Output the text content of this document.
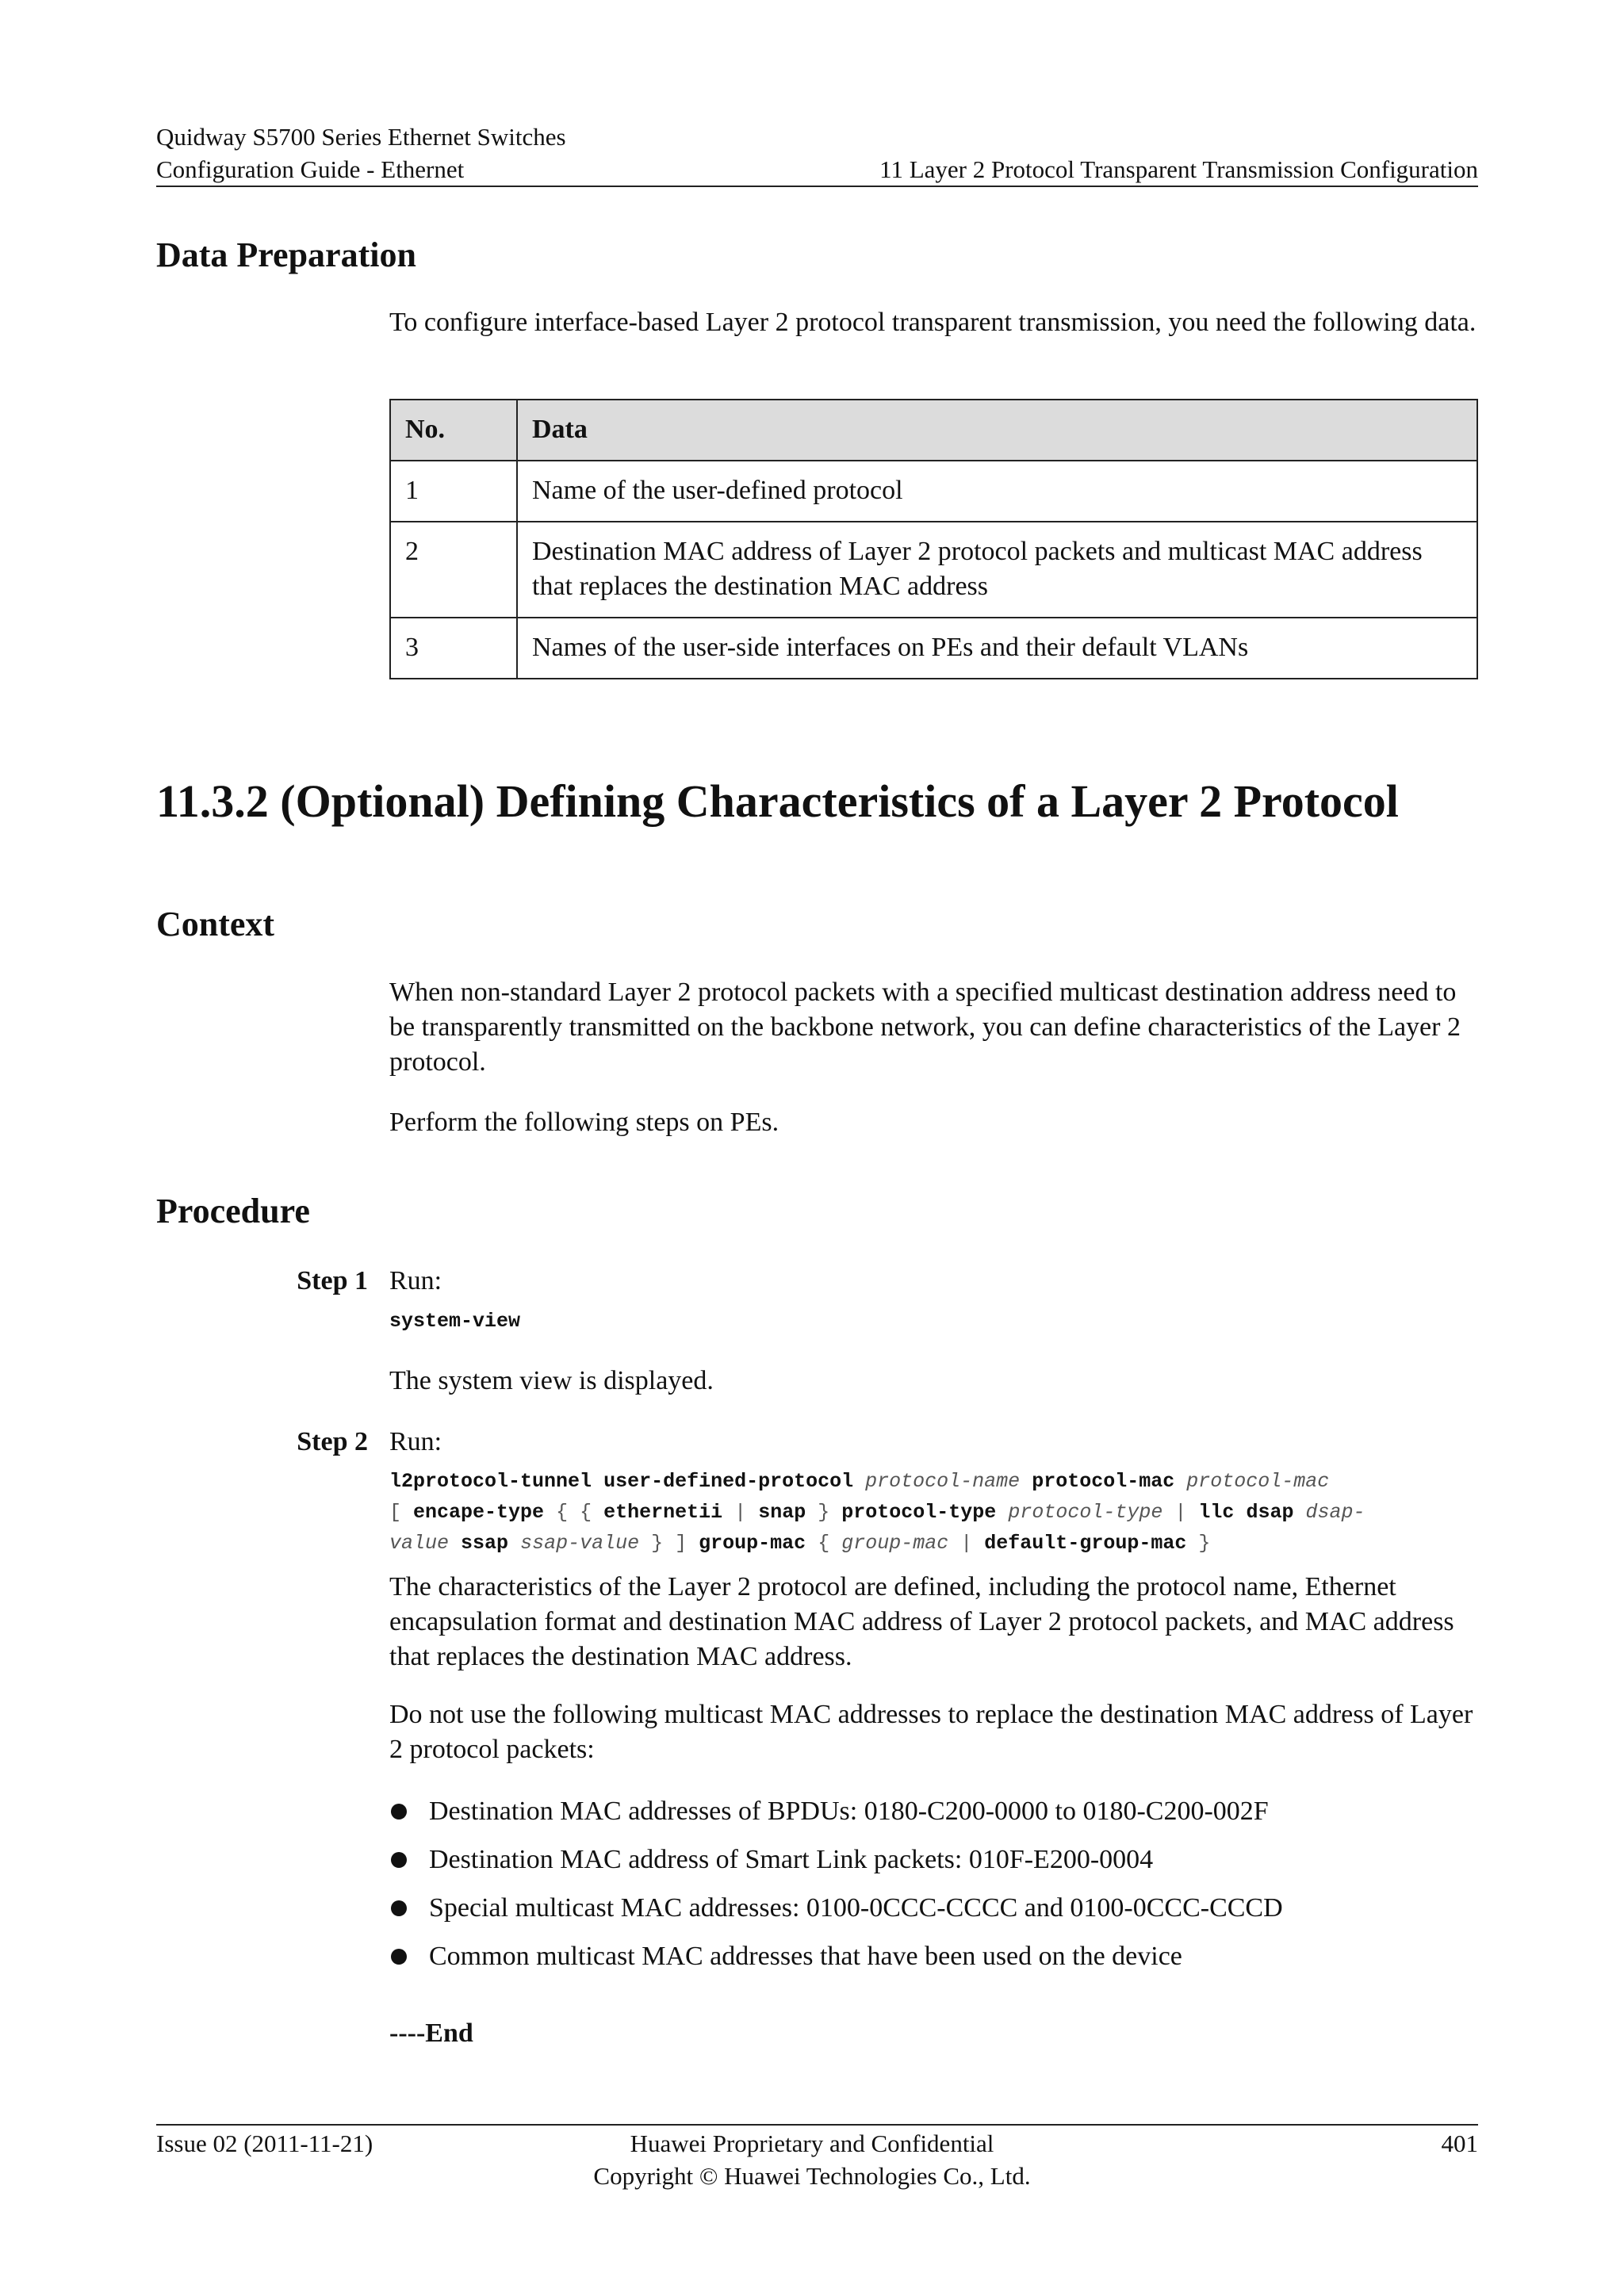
Quidway S5700 Series Ethernet Switches
Configuration Guide - Ethernet	11 Layer 2 Protocol Transparent Transmission Configuration
Data Preparation
To configure interface-based Layer 2 protocol transparent transmission, you need the following data.
No.	Data
1	Name of the user-defined protocol
2	Destination MAC address of Layer 2 protocol packets and multicast MAC address that replaces the destination MAC address
3	Names of the user-side interfaces on PEs and their default VLANs
11.3.2 (Optional) Defining Characteristics of a Layer 2 Protocol
Context
When non-standard Layer 2 protocol packets with a specified multicast destination address need to be transparently transmitted on the backbone network, you can define characteristics of the Layer 2 protocol.
Perform the following steps on PEs.
Procedure
Step 1 Run:
system-view
The system view is displayed.
Step 2 Run:
l2protocol-tunnel user-defined-protocol protocol-name protocol-mac protocol-mac
[ encape-type { { ethernetii | snap } protocol-type protocol-type | llc dsap dsap-
value ssap ssap-value } ] group-mac { group-mac | default-group-mac }
The characteristics of the Layer 2 protocol are defined, including the protocol name, Ethernet encapsulation format and destination MAC address of Layer 2 protocol packets, and MAC address that replaces the destination MAC address.
Do not use the following multicast MAC addresses to replace the destination MAC address of Layer 2 protocol packets:
Destination MAC addresses of BPDUs: 0180-C200-0000 to 0180-C200-002F
Destination MAC address of Smart Link packets: 010F-E200-0004
Special multicast MAC addresses: 0100-0CCC-CCCC and 0100-0CCC-CCCD
Common multicast MAC addresses that have been used on the device
----End
Issue 02 (2011-11-21)	Huawei Proprietary and Confidential
Copyright © Huawei Technologies Co., Ltd.
401
